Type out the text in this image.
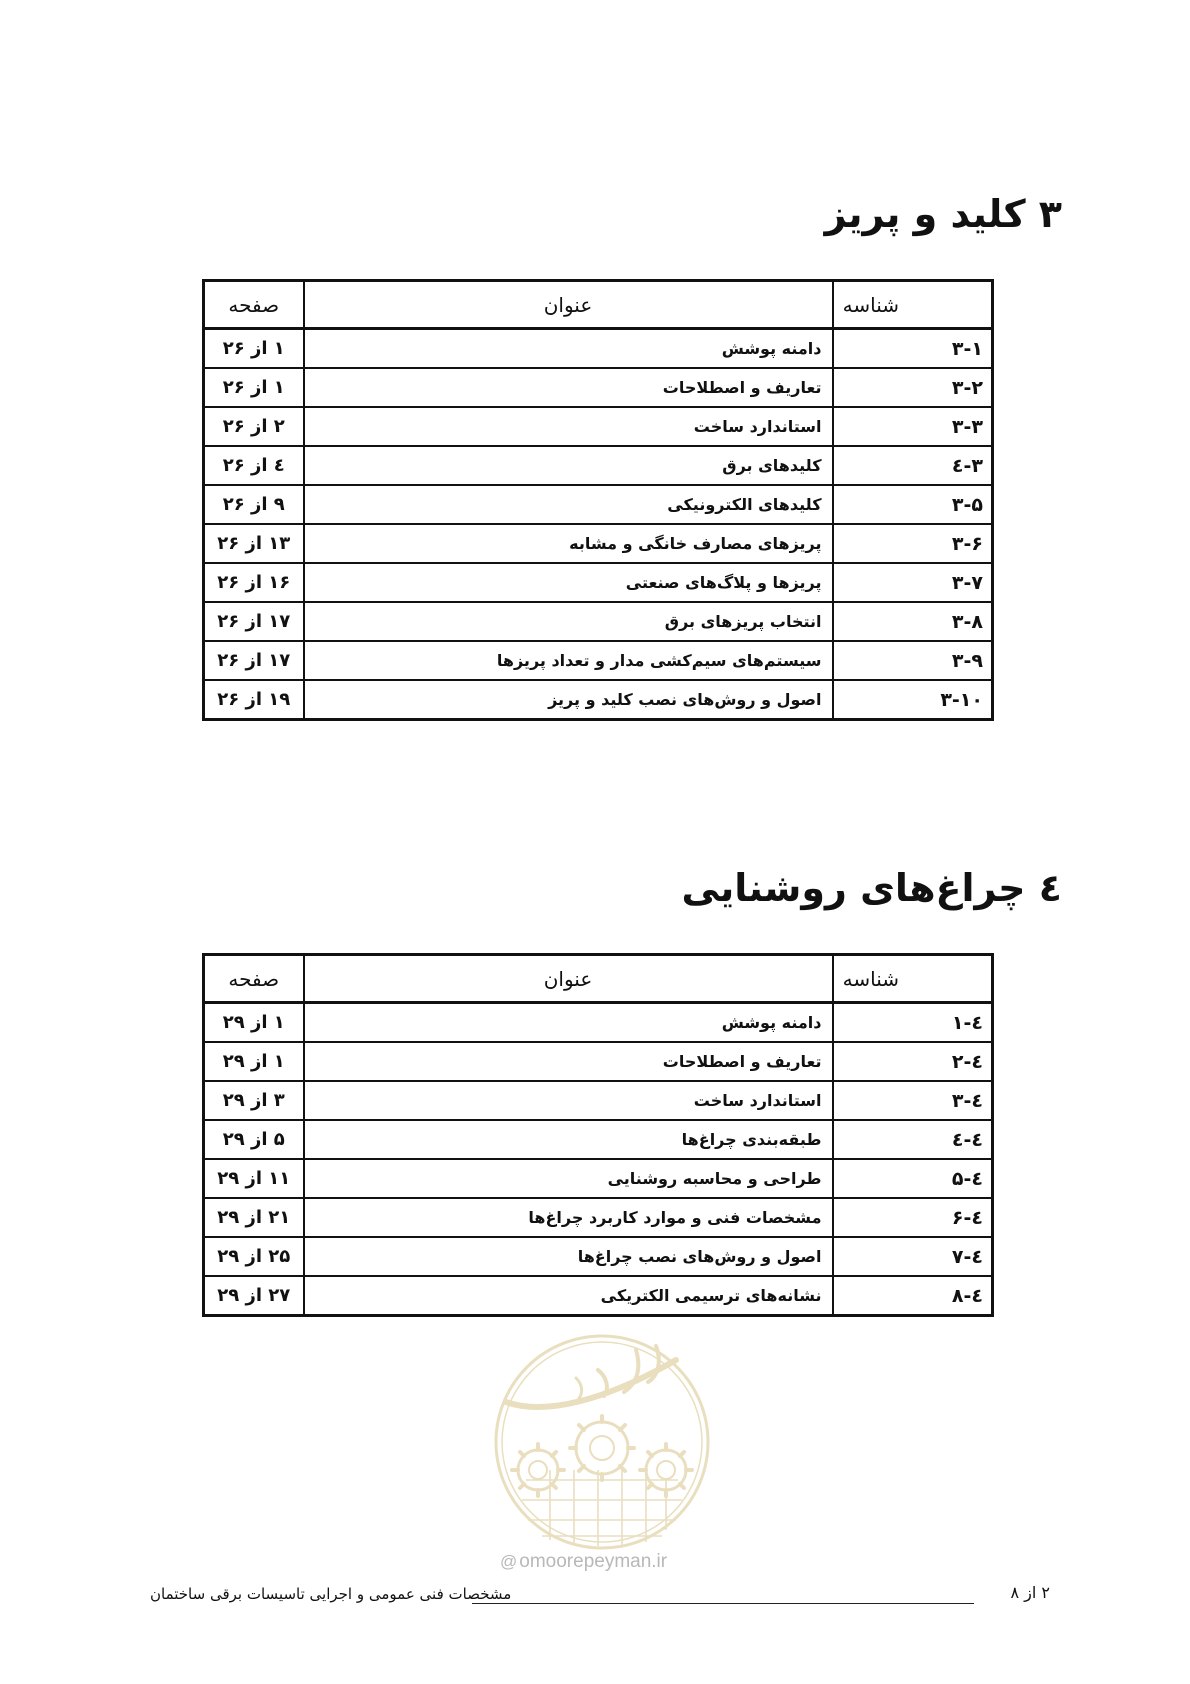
۳ کلید و پریز
شناسه	عنوان	صفحه
۳-۱	دامنه پوشش	۱ از ۲۶
۳-۲	تعاریف و اصطلاحات	۱ از ۲۶
۳-۳	استاندارد ساخت	۲ از ۲۶
۳-٤	کلیدهای برق	٤ از ۲۶
۳-۵	کلیدهای الکترونیکی	۹ از ۲۶
۳-۶	پریزهای مصارف خانگی و مشابه	۱۳ از ۲۶
۳-۷	پریزها و پلاگ‌های صنعتی	۱۶ از ۲۶
۳-۸	انتخاب پریزهای برق	۱۷ از ۲۶
۳-۹	سیستم‌های سیم‌کشی مدار و تعداد پریزها	۱۷ از ۲۶
۳-۱۰	اصول و روش‌های نصب کلید و پریز	۱۹ از ۲۶
٤ چراغ‌های روشنایی
شناسه	عنوان	صفحه
٤-۱	دامنه پوشش	۱ از ۲۹
٤-۲	تعاریف و اصطلاحات	۱ از ۲۹
٤-۳	استاندارد ساخت	۳ از ۲۹
٤-٤	طبقه‌بندی چراغ‌ها	۵ از ۲۹
٤-۵	طراحی و محاسبه روشنایی	۱۱ از ۲۹
٤-۶	مشخصات فنی و موارد کاربرد چراغ‌ها	۲۱ از ۲۹
٤-۷	اصول و روش‌های نصب چراغ‌ها	۲۵ از ۲۹
٤-۸	نشانه‌های ترسیمی الکتریکی	۲۷ از ۲۹
@ omoorepeyman.ir
مشخصات فنی عمومی و اجرایی تاسیسات برقی ساختمان	۲ از ۸
